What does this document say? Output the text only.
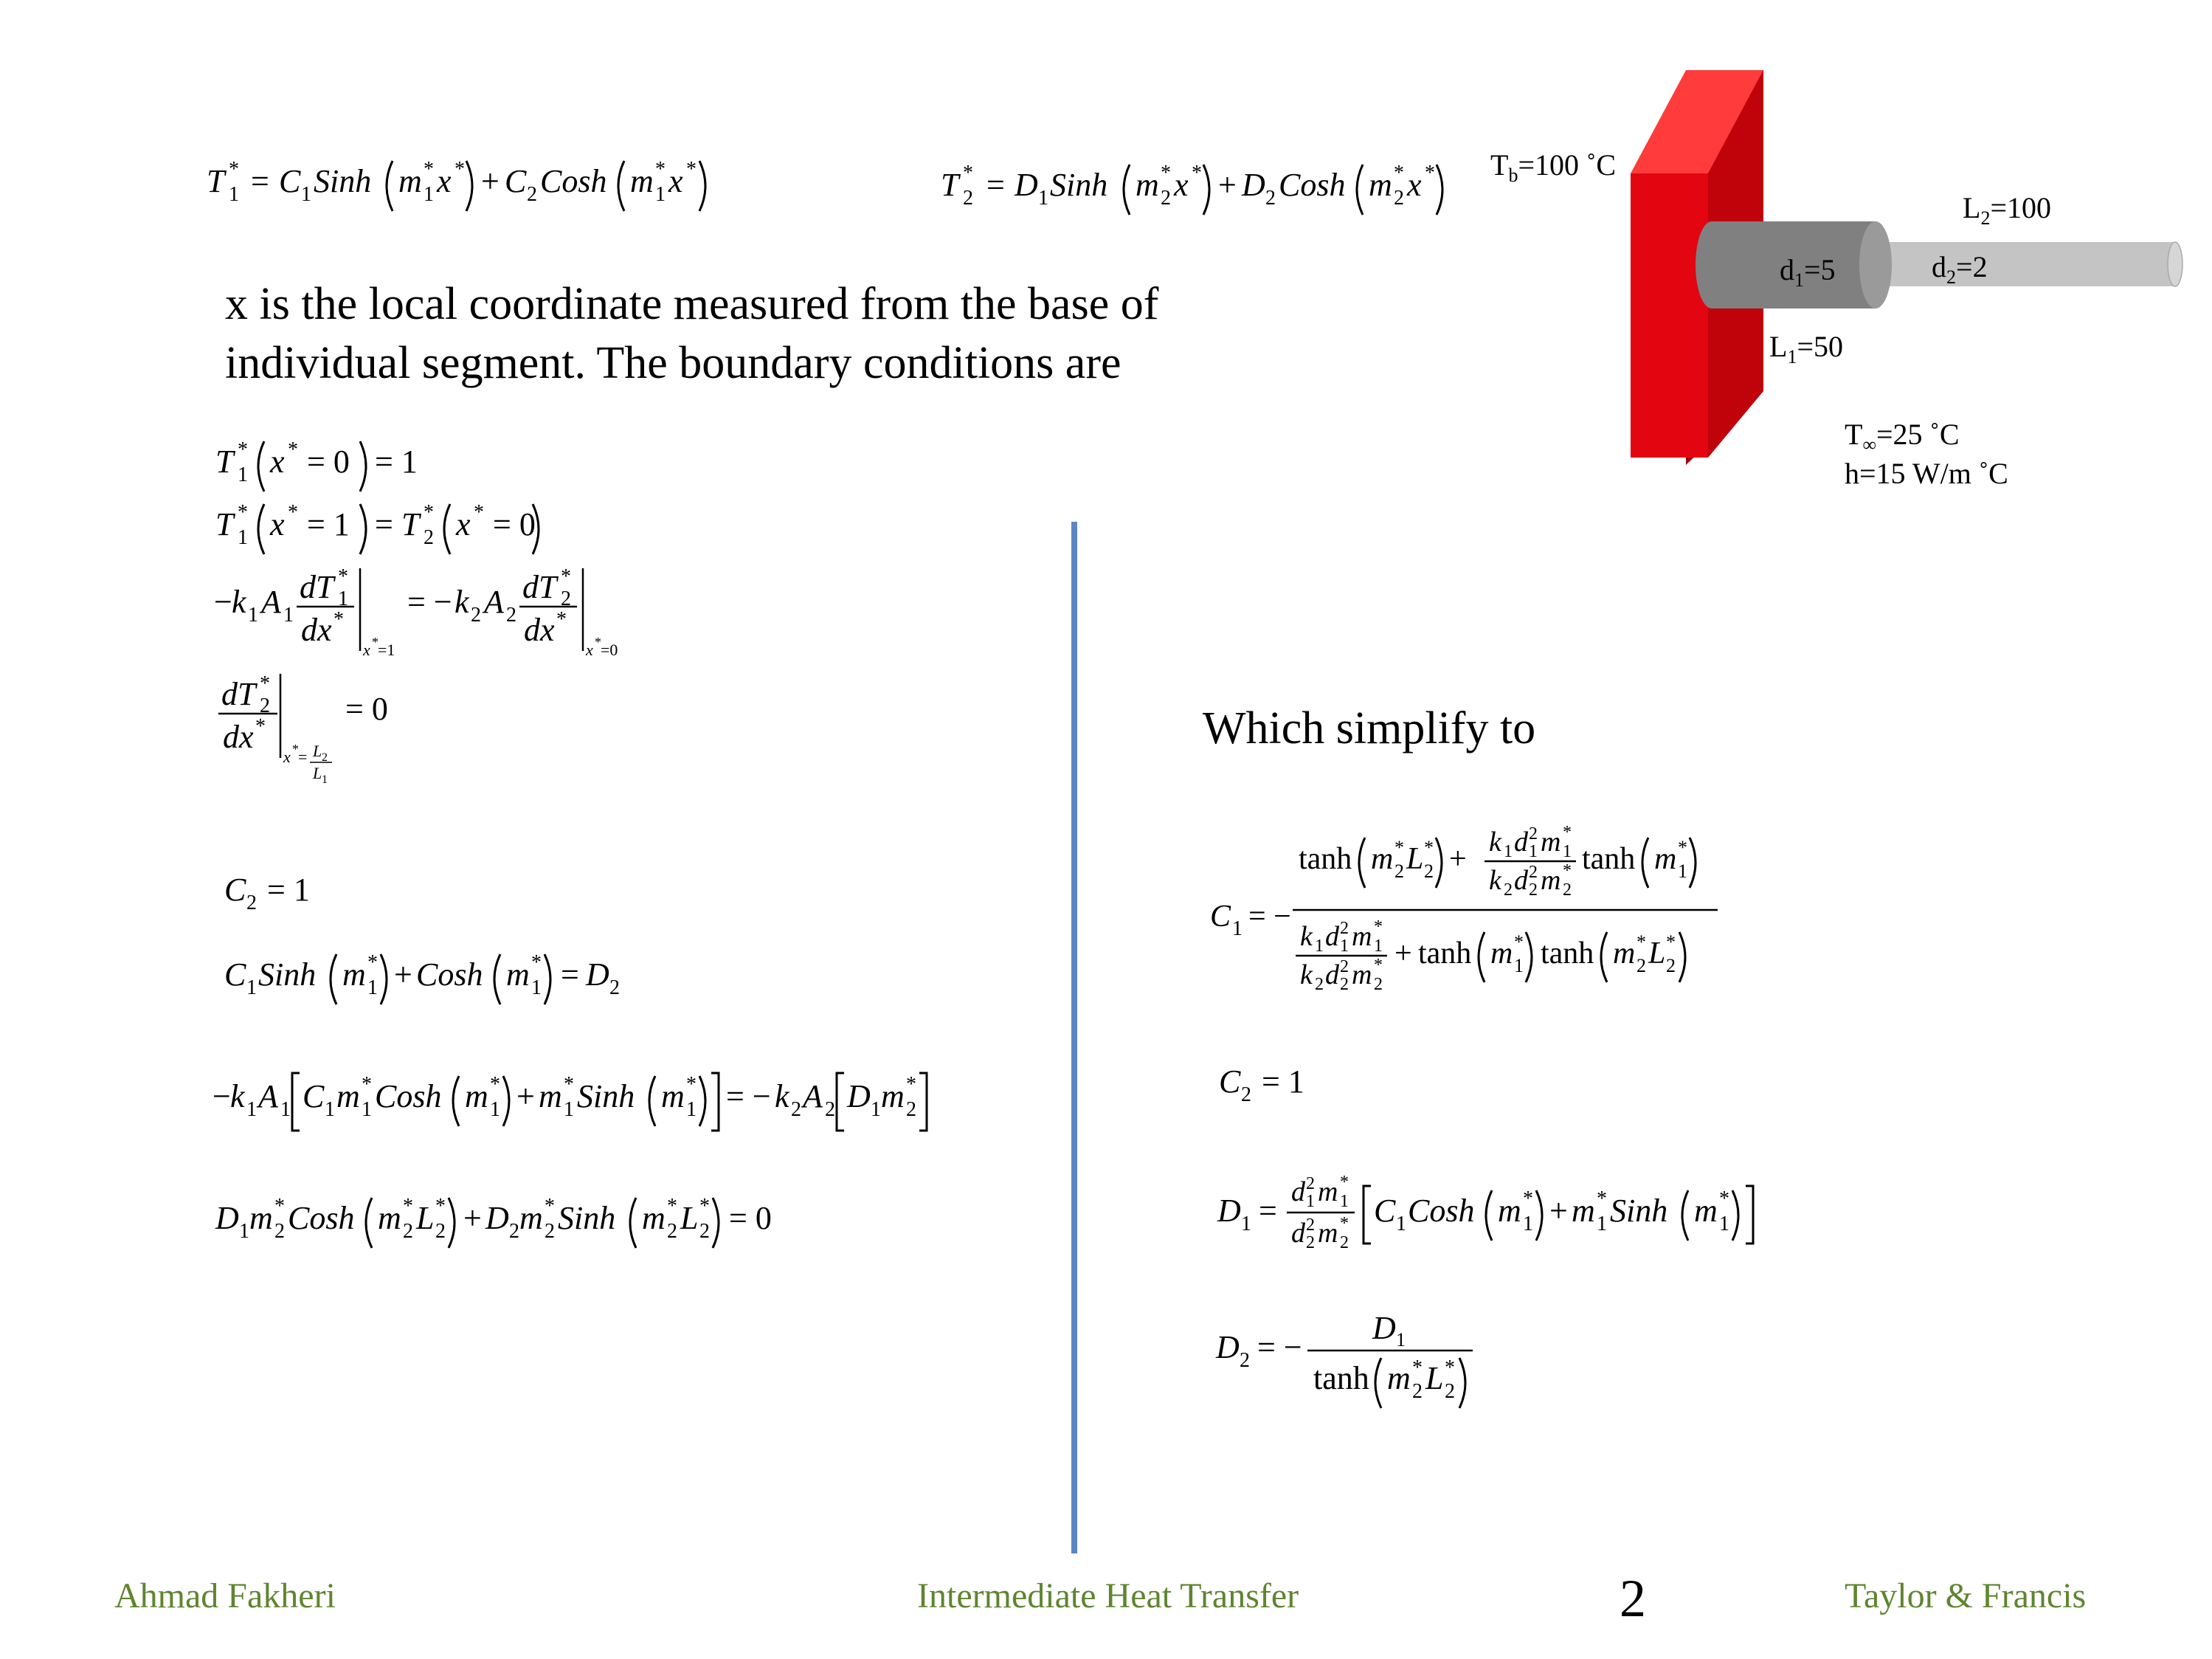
T 1
* = C 1 Sinh m 1
* x * + C 2 Cosh m 1
* x *	T 2
* = D 1 Sinh m 2
* x * + D 2 Cosh m 2
* x *
x is the local coordinate measured from the base of
individual segment. The boundary conditions are
T 1
* x * = 0 = 1
T 1
* x * = 1 = T 2
* x * = 0
− k 1 A 1
dT 1
*
dx *
x * =1
= − k 2 A 2
dT 2
*
dx *
x * =0
dT 2
*
dx *
x * = L 2
L 1
= 0
C 2 = 1
C 1 Sinh m 1
* + Cosh m 1
* = D 2
− k 1 A 1 C 1 m 1
* Cosh m 1
* + m 1
* Sinh m 1
* = − k 2 A 2 D 1 m 2
*
D 1 m 2
* Cosh m 2
* L 2
* + D 2 m 2
* Sinh m 2
* L 2
* = 0
Which simplify to
C 1 = −
tanh m 2
* L 2
* + k 1 d 1
2 m 1
*
k 2 d 2
2 m 2
* tanh m 1
*
k 1 d 1
2 m 1
*
k 2 d 2
2 m 2
* + tanh m 1
* tanh m 2
* L 2
*
C 2 = 1
D 1 =
d 1
2 m 1
*
d 2
2 m 2
* C 1 Cosh m 1
* + m 1
* Sinh m 1
*
D 2 = −
D 1
tanh m 2
* L 2
*
$T_b=100$ ˚C
$L_2=100$
$d_1=5$	$d_2=2$
$L_1=50$
$T_\infty=25$ ˚C
h=15 W/m ˚C
Ahmad Fakheri	Intermediate Heat Transfer	2	Taylor & Francis
